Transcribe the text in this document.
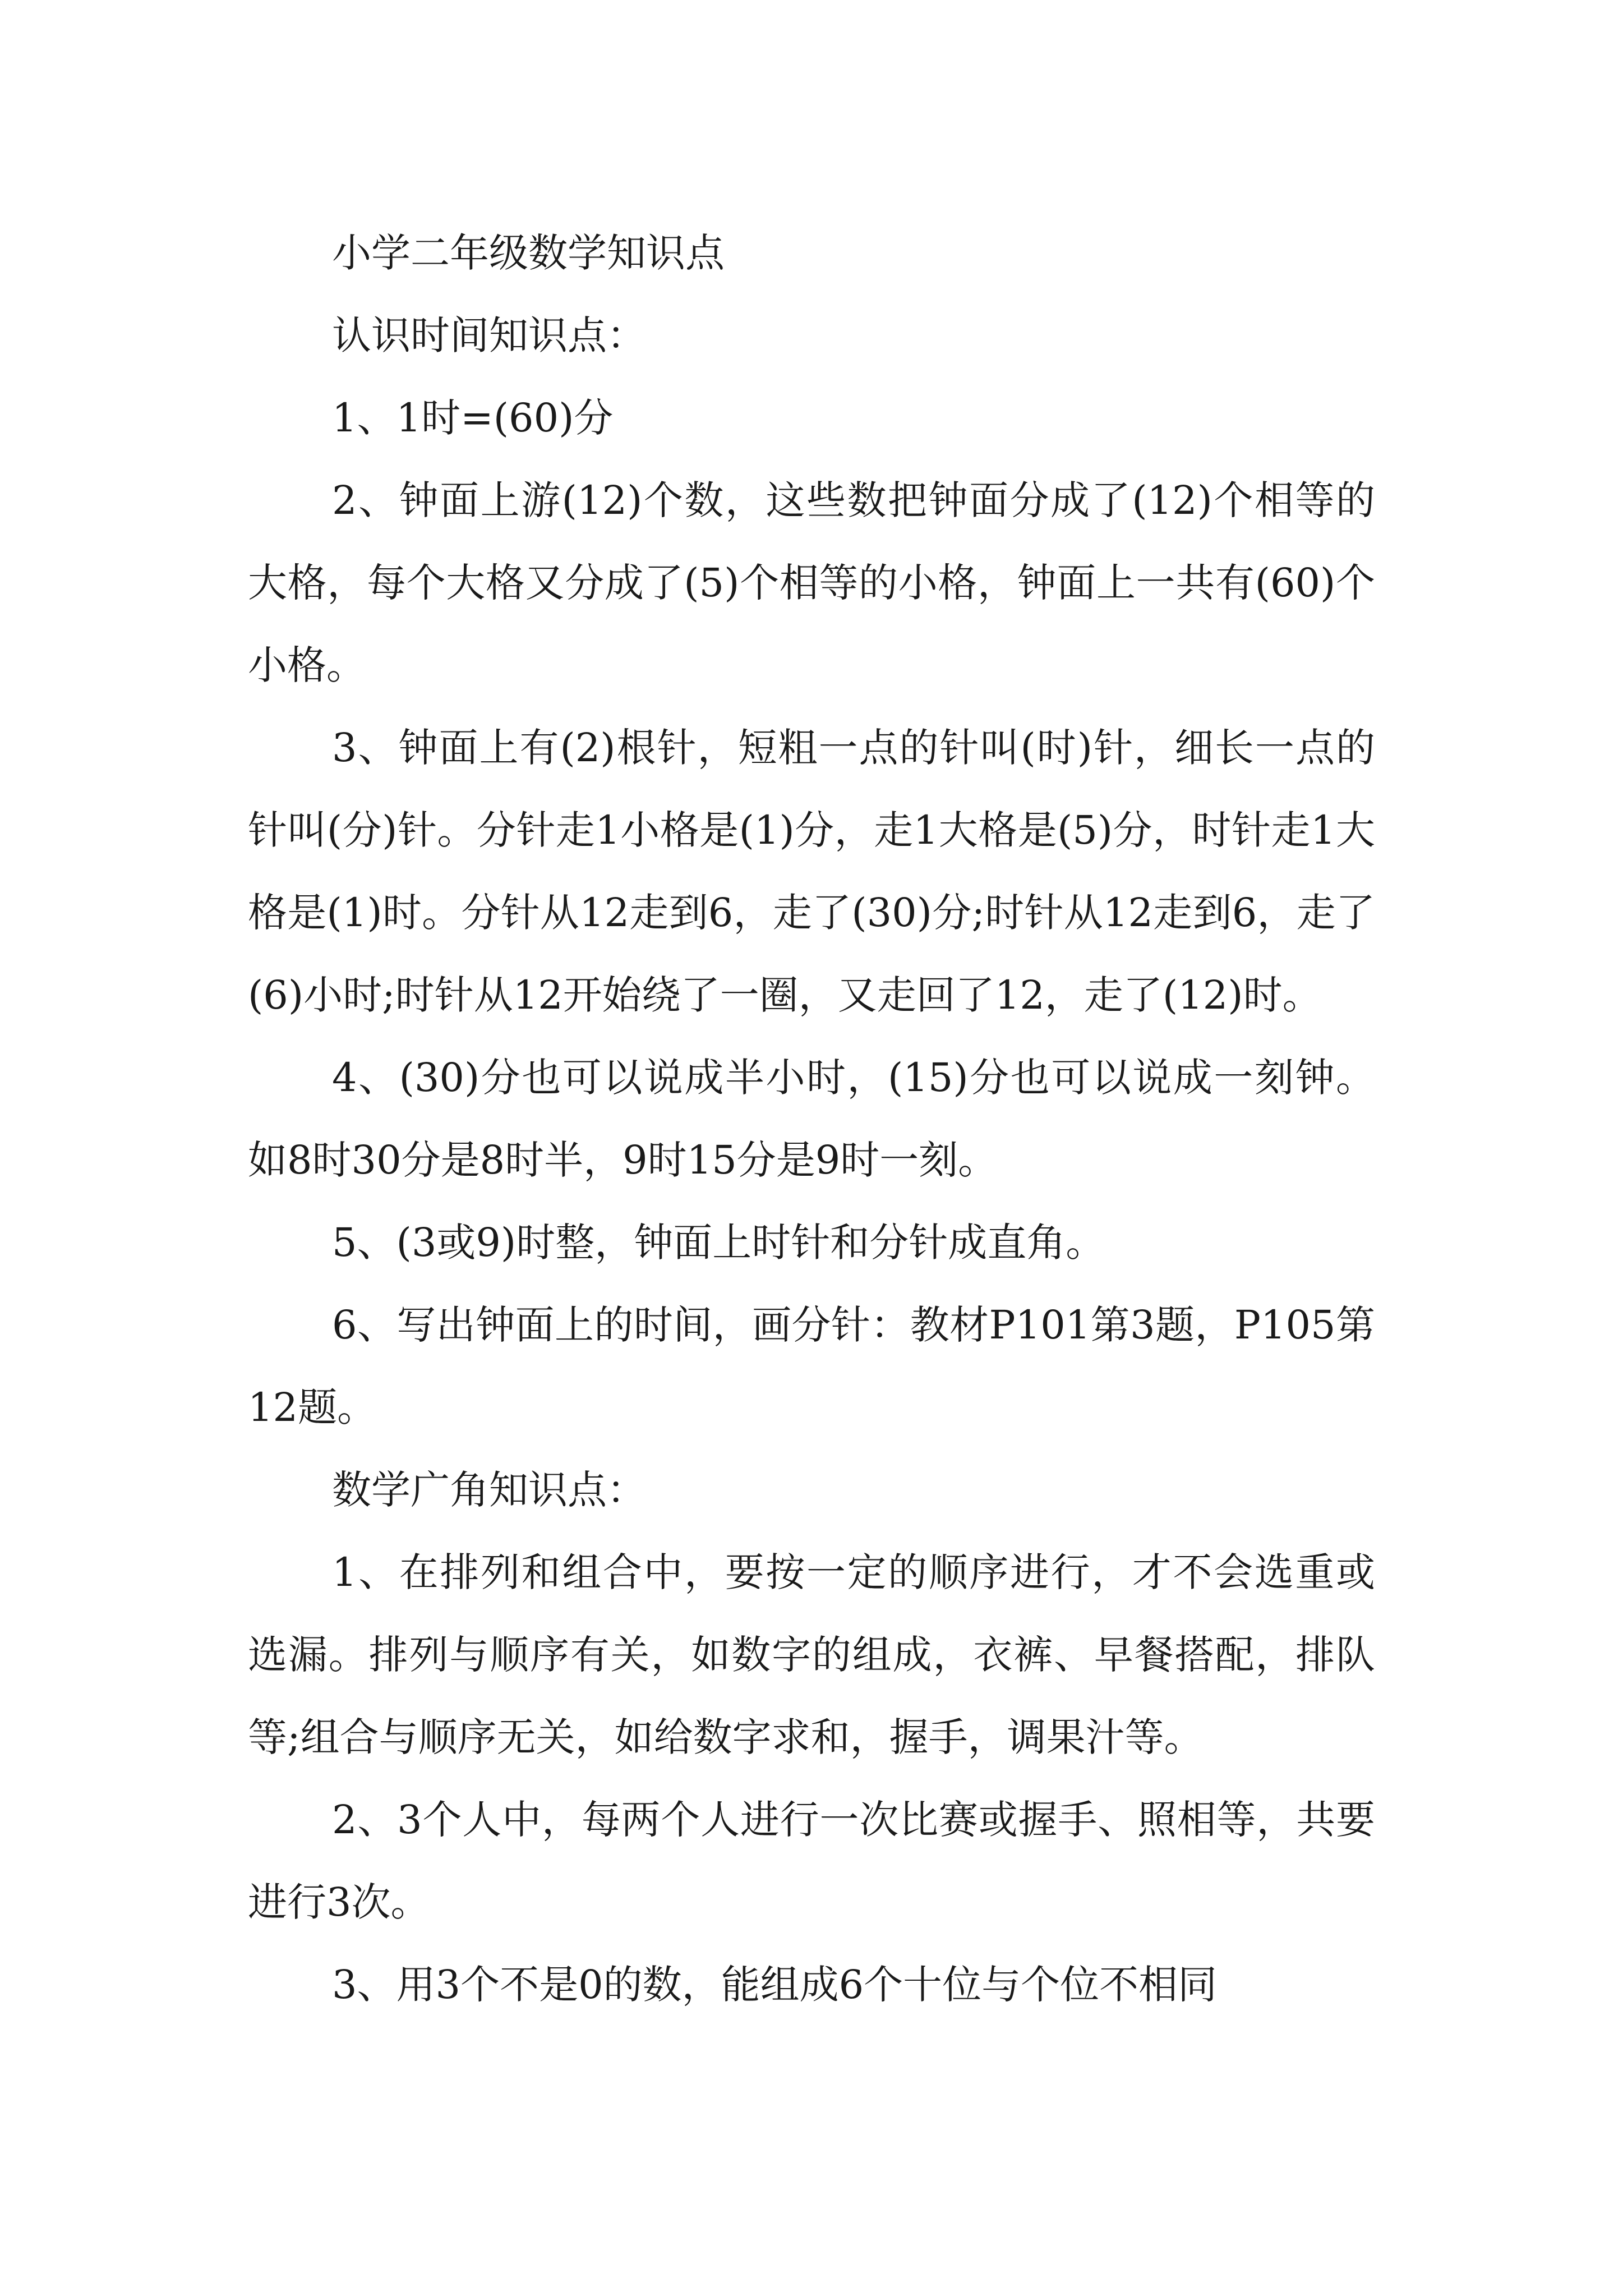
小学二年级数学知识点

认识时间知识点：

1、1时=(60)分

2、钟面上游(12)个数，这些数把钟面分成了(12)个相等的大格，每个大格又分成了(5)个相等的小格，钟面上一共有(60)个小格。

3、钟面上有(2)根针，短粗一点的针叫(时)针，细长一点的针叫(分)针。分针走1小格是(1)分，走1大格是(5)分，时针走1大格是(1)时。分针从12走到6，走了(30)分;时针从12走到6，走了(6)小时;时针从12开始绕了一圈，又走回了12，走了(12)时。

4、(30)分也可以说成半小时，(15)分也可以说成一刻钟。如8时30分是8时半，9时15分是9时一刻。

5、(3或9)时整，钟面上时针和分针成直角。

6、写出钟面上的时间，画分针：教材P101第3题，P105第12题。

数学广角知识点：

1、在排列和组合中，要按一定的顺序进行，才不会选重或选漏。排列与顺序有关，如数字的组成，衣裤、早餐搭配，排队等;组合与顺序无关，如给数字求和，握手，调果汁等。

2、3个人中，每两个人进行一次比赛或握手、照相等，共要进行3次。

3、用3个不是0的数，能组成6个十位与个位不相同
